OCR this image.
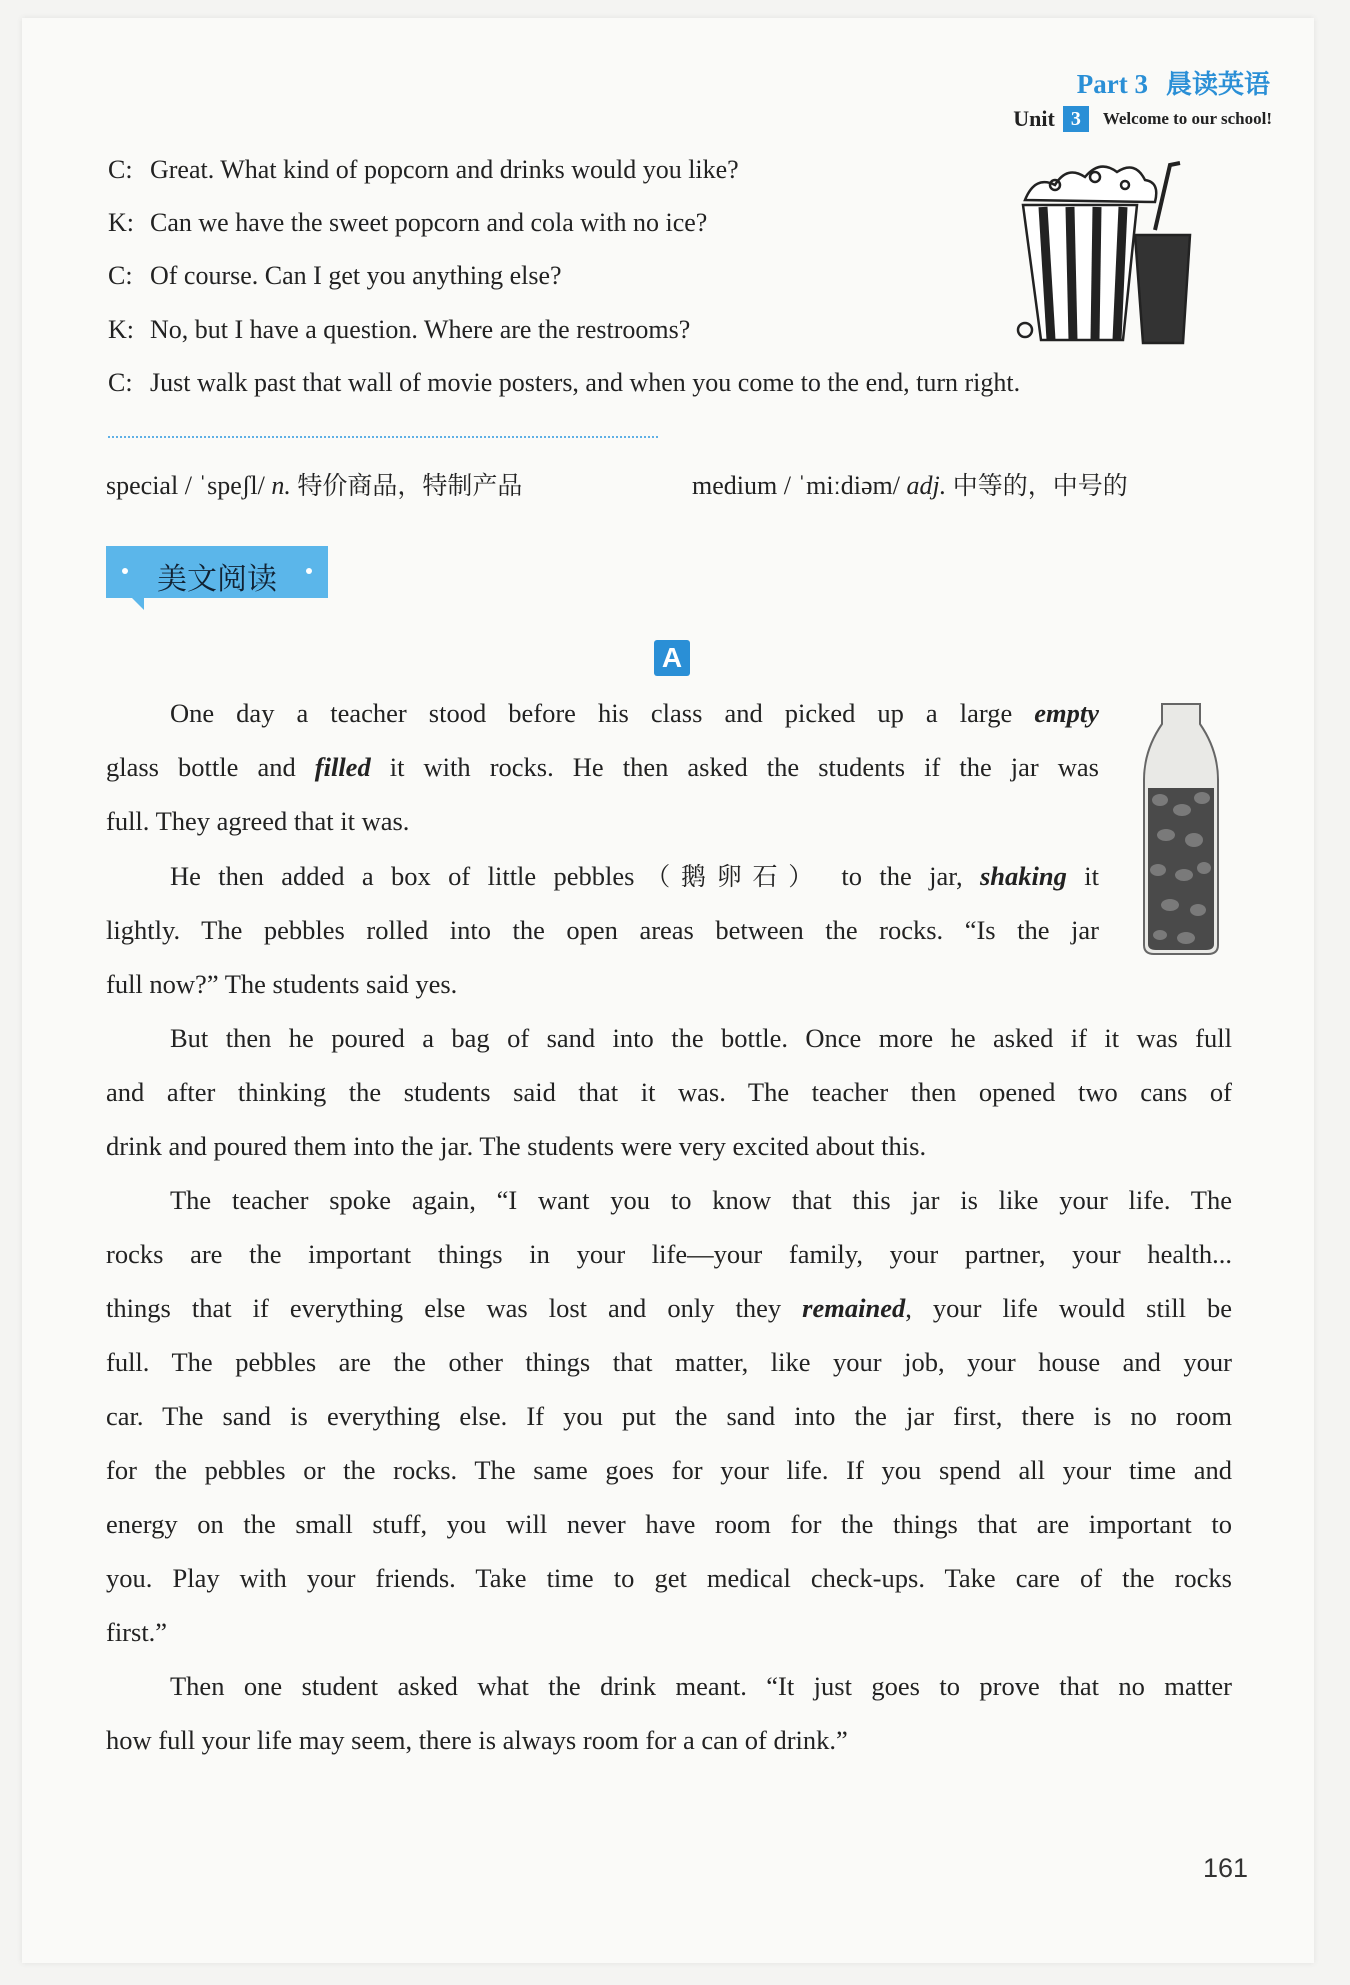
Part 3 晨读英语
Unit 3	Welcome to our school!
C: Great. What kind of popcorn and drinks would you like?
K: Can we have the sweet popcorn and cola with no ice?
C: Of course. Can I get you anything else?
K: No, but I have a question. Where are the restrooms?
C: Just walk past that wall of movie posters, and when you come to the end, turn right.
special / ˈspeʃl/ n. 特价商品，特制产品	medium / ˈmiːdiəm/ adj. 中等的，中号的
美文阅读
A
One day a teacher stood before his class and picked up a large empty
glass bottle and filled it with rocks. He then asked the students if the jar was
full. They agreed that it was.
He then added a box of little pebbles（鹅卵石） to the jar, shaking it
lightly. The pebbles rolled into the open areas between the rocks. “Is the jar
full now?” The students said yes.
But then he poured a bag of sand into the bottle. Once more he asked if it was full
and after thinking the students said that it was. The teacher then opened two cans of
drink and poured them into the jar. The students were very excited about this.
The teacher spoke again, “I want you to know that this jar is like your life. The
rocks are the important things in your life—your family, your partner, your health...
things that if everything else was lost and only they remained, your life would still be
full. The pebbles are the other things that matter, like your job, your house and your
car. The sand is everything else. If you put the sand into the jar first, there is no room
for the pebbles or the rocks. The same goes for your life. If you spend all your time and
energy on the small stuff, you will never have room for the things that are important to
you. Play with your friends. Take time to get medical check-ups. Take care of the rocks
first.”
Then one student asked what the drink meant. “It just goes to prove that no matter
how full your life may seem, there is always room for a can of drink.”
161
